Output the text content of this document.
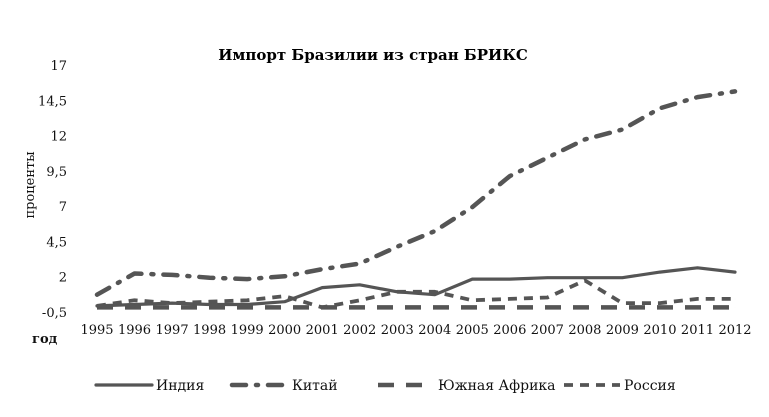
Импорт Бразилии из стран БРИКС
проценты
год
17
14,5
12
9,5
7
4,5
2
-0,5
1995 1996 1997 1998 1999 2000 2001 2002 2003 2004 2005 2006 2007 2008 2009 2010 2011 2012
Индия	Китай	Южная Африка	Россия
